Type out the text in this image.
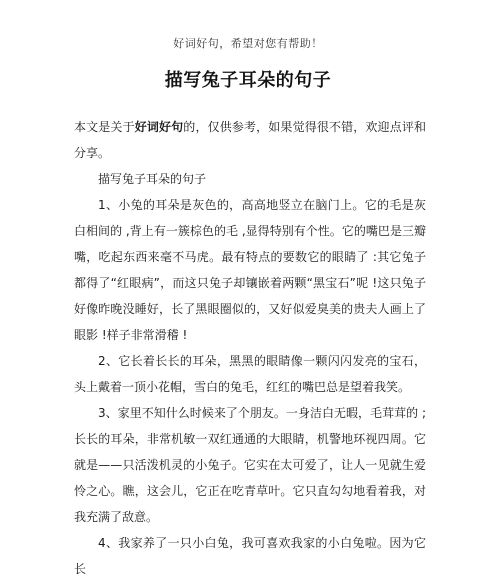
好词好句，希望对您有帮助！
描写兔子耳朵的句子

本文是关于好词好句的，仅供参考，如果觉得很不错，欢迎点评和分享。

描写兔子耳朵的句子

1、小兔的耳朵是灰色的，高高地竖立在脑门上。它的毛是灰白相间的 ,背上有一簇棕色的毛 ,显得特别有个性。它的嘴巴是三瓣嘴，吃起东西来毫不马虎。最有特点的要数它的眼睛了 :其它兔子都得了“红眼病”，而这只兔子却镶嵌着两颗“黑宝石”呢 !这只兔子好像昨晚没睡好，长了黑眼圈似的，又好似爱臭美的贵夫人画上了眼影 !样子非常滑稽 !

2、它长着长长的耳朵，黑黑的眼睛像一颗闪闪发亮的宝石，头上戴着一顶小花帽，雪白的兔毛，红红的嘴巴总是望着我笑。

3、家里不知什么时候来了个朋友。一身洁白无暇，毛茸茸的 ;长长的耳朵，非常机敏一双红通通的大眼睛，机警地环视四周。它就是——只活泼机灵的小兔子。它实在太可爱了，让人一见就生爱怜之心。瞧，这会儿，它正在吃青草叶。它只直勾勾地看着我，对我充满了敌意。

4、我家养了一只小白兔，我可喜欢我家的小白兔啦。因为它长
